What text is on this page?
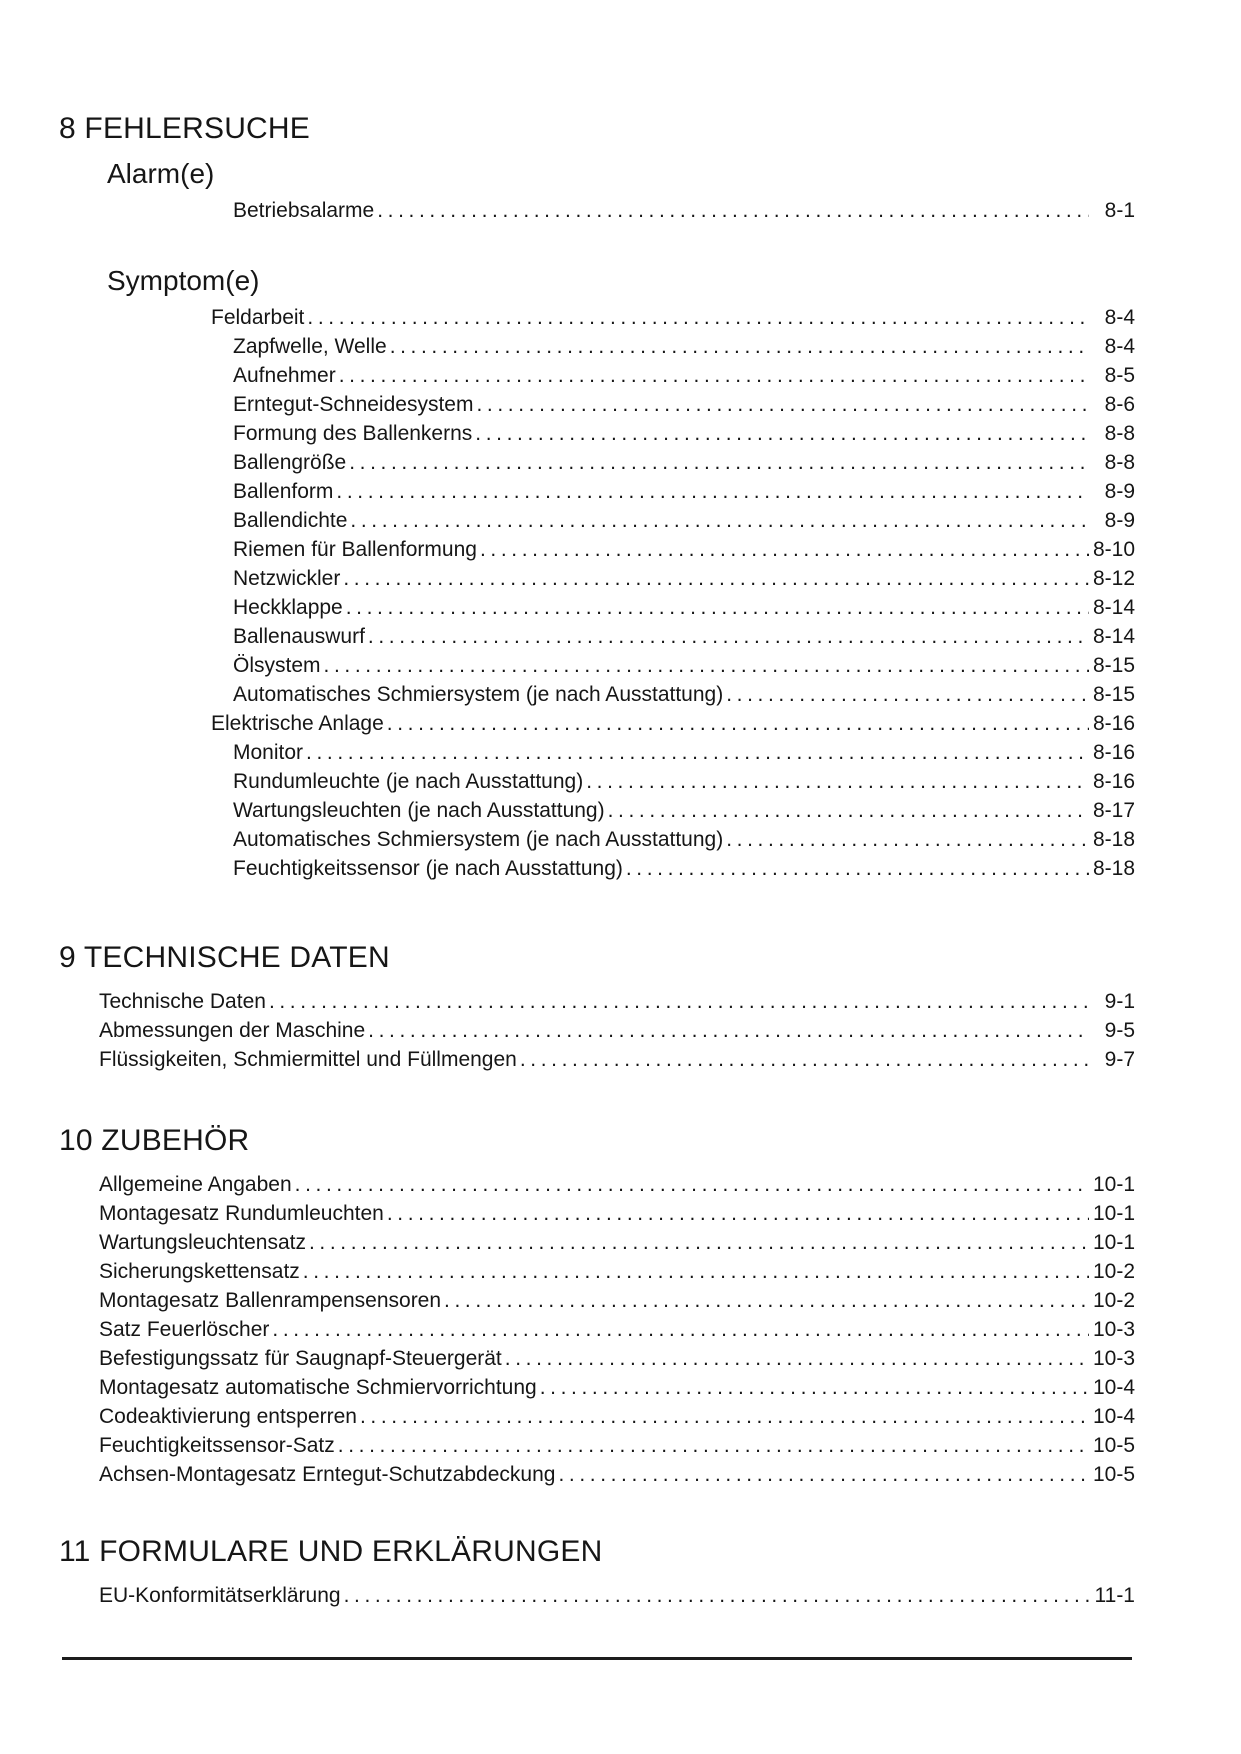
8 FEHLERSUCHE
Alarm(e)
Betriebsalarme .....	8-1
Symptom(e)
Feldarbeit .....	8-4
Zapfwelle, Welle .....	8-4
Aufnehmer .....	8-5
Erntegut-Schneidesystem .....	8-6
Formung des Ballenkerns .....	8-8
Ballengröße .....	8-8
Ballenform .....	8-9
Ballendichte .....	8-9
Riemen für Ballenformung .....	8-10
Netzwickler .....	8-12
Heckklappe .....	8-14
Ballenauswurf .....	8-14
Ölsystem .....	8-15
Automatisches Schmiersystem (je nach Ausstattung) .....	8-15
Elektrische Anlage .....	8-16
Monitor .....	8-16
Rundumleuchte (je nach Ausstattung) .....	8-16
Wartungsleuchten (je nach Ausstattung) .....	8-17
Automatisches Schmiersystem (je nach Ausstattung) .....	8-18
Feuchtigkeitssensor (je nach Ausstattung) .....	8-18
9 TECHNISCHE DATEN
Technische Daten .....	9-1
Abmessungen der Maschine .....	9-5
Flüssigkeiten, Schmiermittel und Füllmengen .....	9-7
10 ZUBEHÖR
Allgemeine Angaben .....	10-1
Montagesatz Rundumleuchten .....	10-1
Wartungsleuchtensatz .....	10-1
Sicherungskettensatz .....	10-2
Montagesatz Ballenrampensensoren .....	10-2
Satz Feuerlöscher .....	10-3
Befestigungssatz für Saugnapf-Steuergerät .....	10-3
Montagesatz automatische Schmiervorrichtung .....	10-4
Codeaktivierung entsperren .....	10-4
Feuchtigkeitssensor-Satz .....	10-5
Achsen-Montagesatz Erntegut-Schutzabdeckung .....	10-5
11 FORMULARE UND ERKLÄRUNGEN
EU-Konformitätserklärung .....	11-1
